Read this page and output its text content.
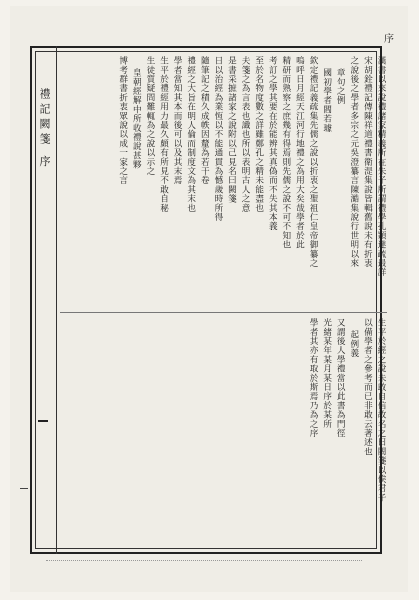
序
禮記闕箋 序	漢書以來說禮諸家精義所在朱子所謂禮學孔穎達疏最詳
宋胡銓禮記傳陳祥道禮書衛湜集說皆輯舊說未有折衷
之說後之學者多宗之元吳澄纂言陳澔集說行世明以來
章句之例
國初學者閻若璩
欽定禮記義疏集先儒之說以折衷之聖祖仁皇帝御纂之
嗚呼日月經天江河行地禮之為用大矣哉學者於此
精研而熟察之庶幾有得焉則先儒之說不可不知也
考訂之學其要在於能辨其真偽而不失其本義
至於名物度數之詳雖鄭孔之精未能盡也
夫箋之為言表也識也所以表明古人之意
是書采摭諸家之說附以己見名曰闕箋
日以治經為業恆以不能通貫為憾歲時所得
隨筆記之積久成帙因釐為若干卷
禮經之大旨在明人倫而制度文為其末也
學者當知其本而後可以及其末焉
生平於禮經用力最久頗有所見不敢自秘
生徒質疑問難輒為之說以示之
皇朝經解中所收禮說甚夥
博考群書折衷眾說以成一家之言
生平於經之說未敢自信故名之曰闕箋以俟君子
以備學者之參考而已非敢云著述也
起例義
又謂後人學禮當以此書為門徑
光緒某年某月某日序於某所
學者其亦有取於斯焉乃為之序
